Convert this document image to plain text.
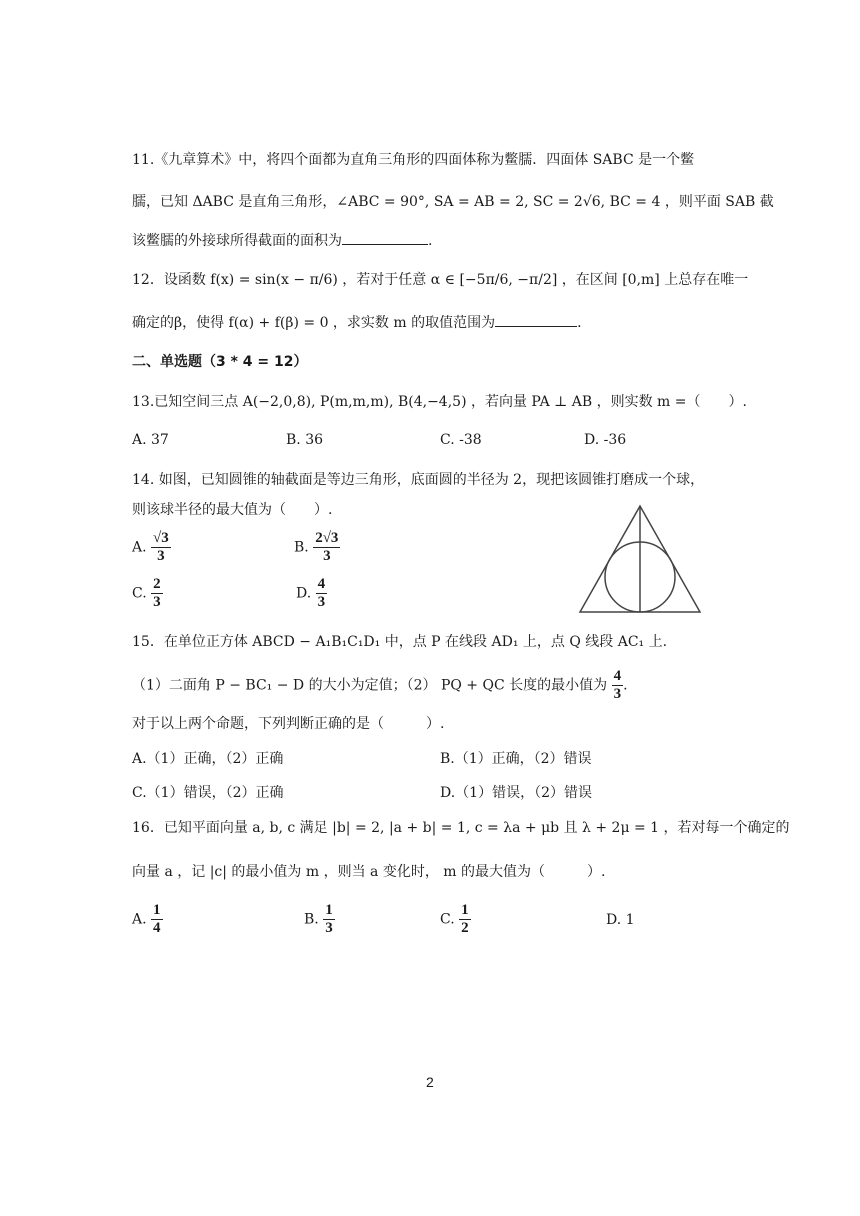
11.《九章算术》中，将四个面都为直角三角形的四面体称为鳖臑．四面体 SABC 是一个鳖
臑，已知 ΔABC 是直角三角形，∠ABC = 90°, SA = AB = 2, SC = 2√6, BC = 4 ，则平面 SAB 截
该鳖臑的外接球所得截面的面积为	.
12．设函数 f(x) = sin(x − π/6) ，若对于任意 α ∈ [−5π/6, −π/2] ，在区间 [0,m] 上总存在唯一
确定的β，使得 f(α) + f(β) = 0 ，求实数 m 的取值范围为	.
二、单选题（3 * 4 = 12）
13.已知空间三点 A(−2,0,8), P(m,m,m), B(4,−4,5) ，若向量 PA ⊥ AB ，则实数 m =（　　）.
A. 37	B. 36	C. -38	D. -36
14. 如图，已知圆锥的轴截面是等边三角形，底面圆的半径为 2，现把该圆锥打磨成一个球，
则该球半径的最大值为（　　）.
A. $\frac{√3}{3}$	B. $\frac{2√3}{3}$
C. $\frac{2}{3}$	D. $\frac{4}{3}$
15．在单位正方体 ABCD − A₁B₁C₁D₁ 中，点 P 在线段 AD₁ 上，点 Q 线段 AC₁ 上.
（1）二面角 P − BC₁ − D 的大小为定值；（2） PQ + QC 长度的最小值为 $\frac{4}{3}$ .
对于以上两个命题，下列判断正确的是（　　　）.
A.（1）正确，（2）正确	B.（1）正确，（2）错误
C.（1）错误，（2）正确	D.（1）错误，（2）错误
16．已知平面向量 a, b, c 满足 |b| = 2, |a + b| = 1, c = λa + μb 且 λ + 2μ = 1 ，若对每一个确定的
向量 a ，记 |c| 的最小值为 m ，则当 a 变化时， m 的最大值为（　　　）.
A. $\frac{1}{4}$	B. $\frac{1}{3}$	C. $\frac{1}{2}$	D. 1
2
